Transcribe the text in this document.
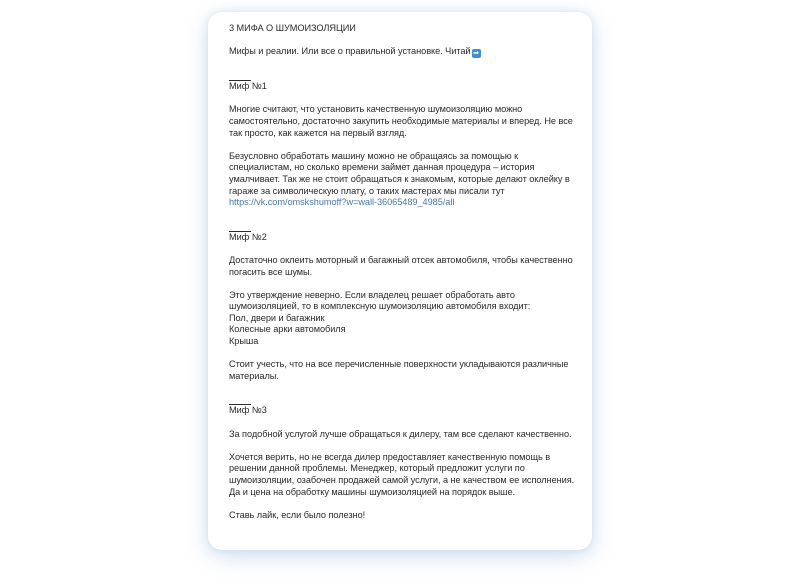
3 МИФА О ШУМОИЗОЛЯЦИИ
Мифы и реалии. Или все о правильной установке. Читай ➡
Миф №1
Многие считают, что установить качественную шумоизоляцию можно
самостоятельно, достаточно закупить необходимые материалы и вперед. Не все
так просто, как кажется на первый взгляд.
Безусловно обработать машину можно не обращаясь за помощью к
специалистам, но сколько времени займет данная процедура – история
умалчивает. Так же не стоит обращаться к знакомым, которые делают оклейку в
гараже за символическую плату, о таких мастерах мы писали тут
https://vk.com/omskshumoff?w=wall-36065489_4985/all
Миф №2
Достаточно оклеить моторный и багажный отсек автомобиля, чтобы качественно
погасить все шумы.
Это утверждение неверно. Если владелец решает обработать авто
шумоизоляцией, то в комплексную шумоизоляцию автомобиля входит:
Пол, двери и багажник
Колесные арки автомобиля
Крыша
Стоит учесть, что на все перечисленные поверхности укладываются различные
материалы.
Миф №3
За подобной услугой лучше обращаться к дилеру, там все сделают качественно.
Хочется верить, но не всегда дилер предоставляет качественную помощь в
решении данной проблемы. Менеджер, который предложит услуги по
шумоизоляции, озабочен продажей самой услуги, а не качеством ее исполнения.
Да и цена на обработку машины шумоизоляцией на порядок выше.
Ставь лайк, если было полезно!
